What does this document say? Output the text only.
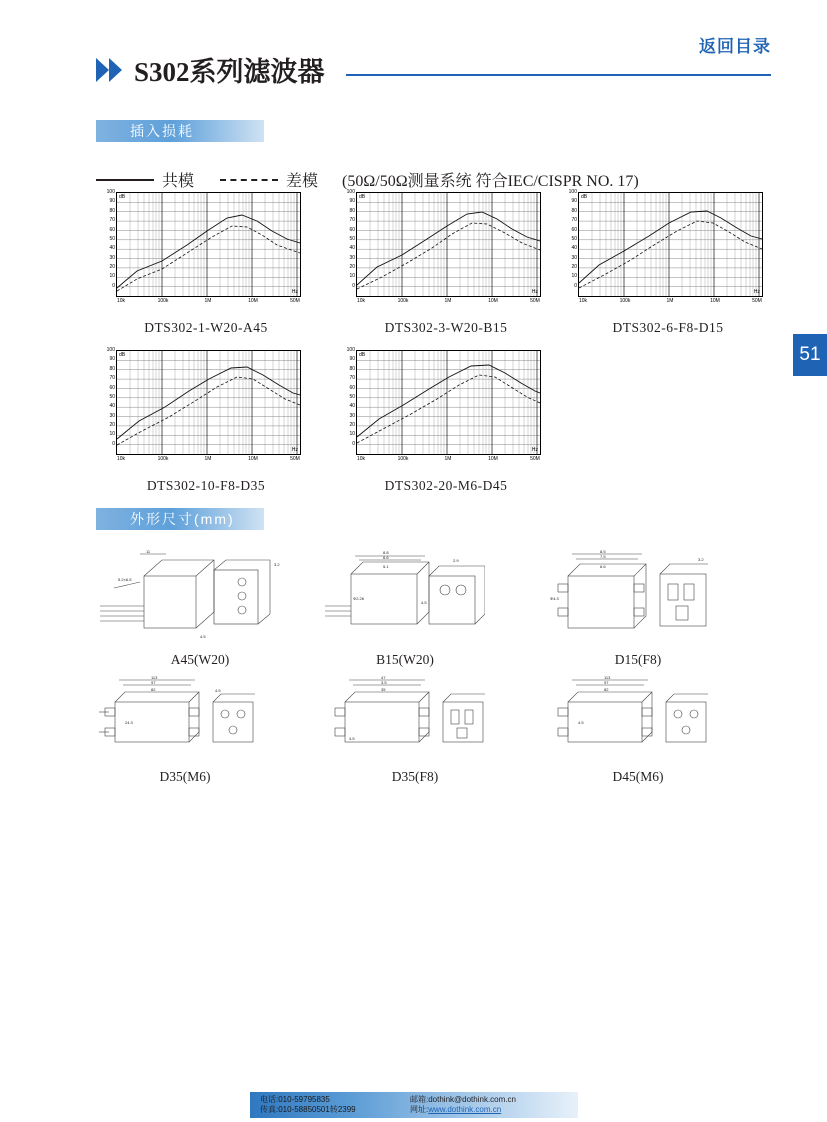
返回目录
S302系列滤波器
51
插入损耗
共模	差模 (50Ω/50Ω测量系统 符合IEC/CISPR NO. 17)
dB
Hz
100
90
80
70
60
50
40
30
20
10
0
10k	100k	1M	10M	50M
DTS302-1-W20-A45
dB
Hz
100
90
80
70
60
50
40
30
20
10
0
10k	100k	1M	10M	50M
DTS302-3-W20-B15
dB
Hz
100
90
80
70
60
50
40
30
20
10
0
10k	100k	1M	10M	50M
DTS302-6-F8-D15
dB
Hz
100
90
80
70
60
50
40
30
20
10
0
10k	100k	1M	10M	50M
DTS302-10-F8-D35
dB
Hz
100
90
80
70
60
50
40
30
20
10
0
10k	100k	1M	10M	50M
DTS302-20-M6-D45
外形尺寸(mm)
11
5.2×6.5
3.2
4.5
A45(W20)
8.8
6.6
5.1
Φ2.26
2.9
4.5
B15(W20)
8.5
7.5
6.6
3.2
Φ4.3
D15(F8)
113
97
82
24.3
4.5
D35(M6)
47
3.5
35
4.5
D35(F8)
113
97
82
4.5
D45(M6)
电话:010-59795835
传真:010-58850501转2399
邮箱:dothink@dothink.com.cn
网址:www.dothink.com.cn
